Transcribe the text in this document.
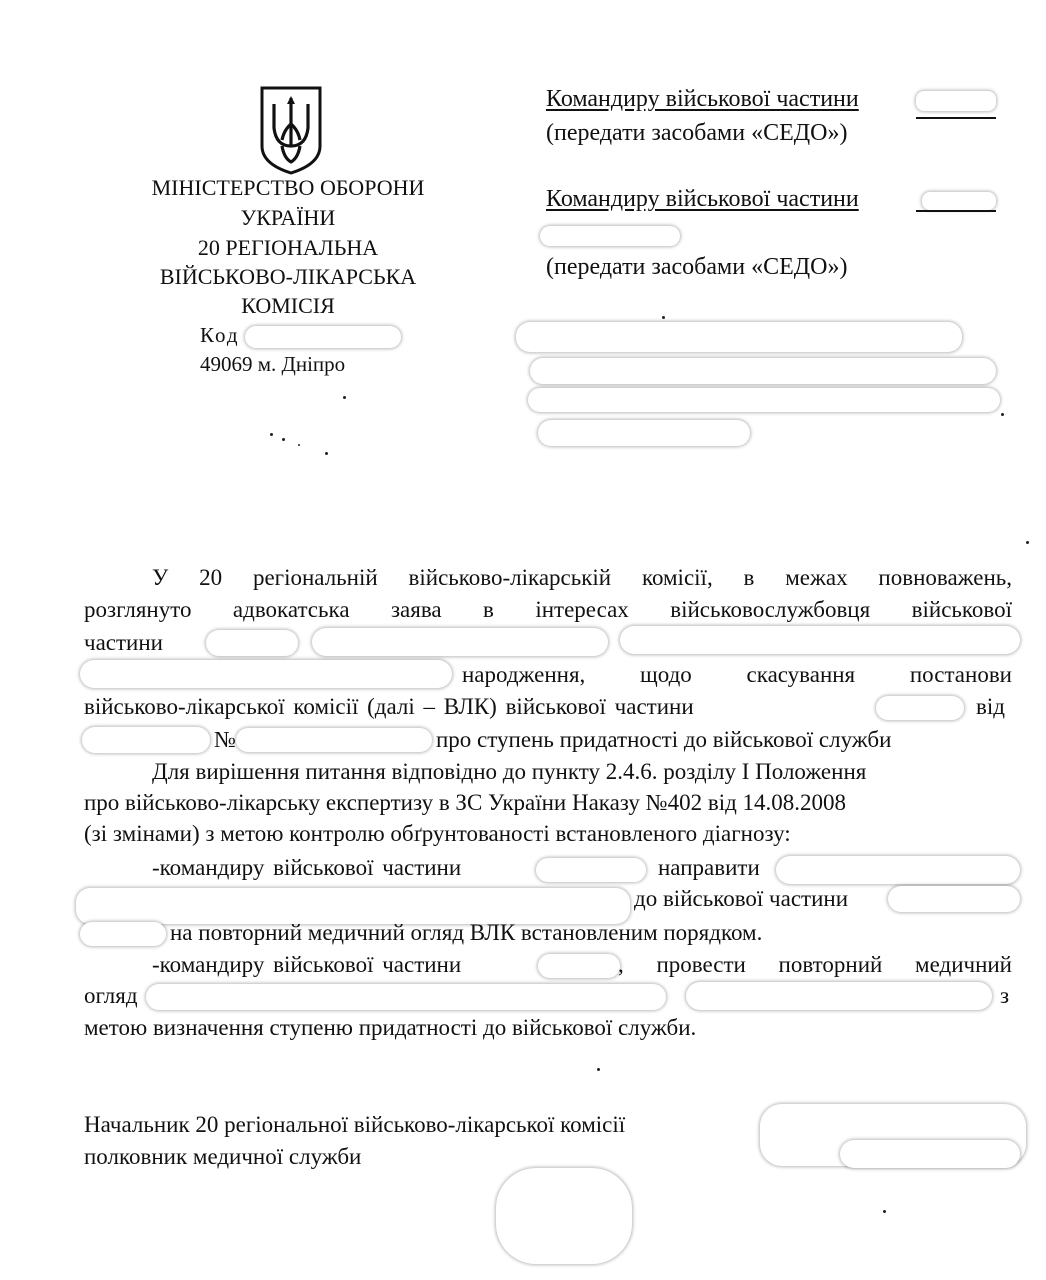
МІНІСТЕРСТВО ОБОРОНИ
УКРАЇНИ
20 РЕГІОНАЛЬНА
ВІЙСЬКОВО-ЛІКАРСЬКА
КОМІСІЯ
Код
49069 м. Дніпро
Командиру військової частини
(передати засобами «СЕДО»)
Командиру військової частини
(передати засобами «СЕДО»)
У 20 регіональній військово-лікарській комісії, в межах повноважень,
розглянуто адвокатська заява в інтересах військовослужбовця військової
частини
народження, щодо скасування постанови
військово-лікарської комісії (далі – ВЛК) військової частини	від
№	про ступень придатності до військової служби
Для вирішення питання відповідно до пункту 2.4.6. розділу І Положення
про військово-лікарську експертизу в ЗС України Наказу №402 від 14.08.2008
(зі змінами) з метою контролю обґрунтованості встановленого діагнозу:
-командиру військової частини	направити
до військової частини
на повторний медичний огляд ВЛК встановленим порядком.
-командиру військової частини	, провести повторний медичний
огляд	з
метою визначення ступеню придатності до військової служби.
Начальник 20 регіональної військово-лікарської комісії
полковник медичної служби
